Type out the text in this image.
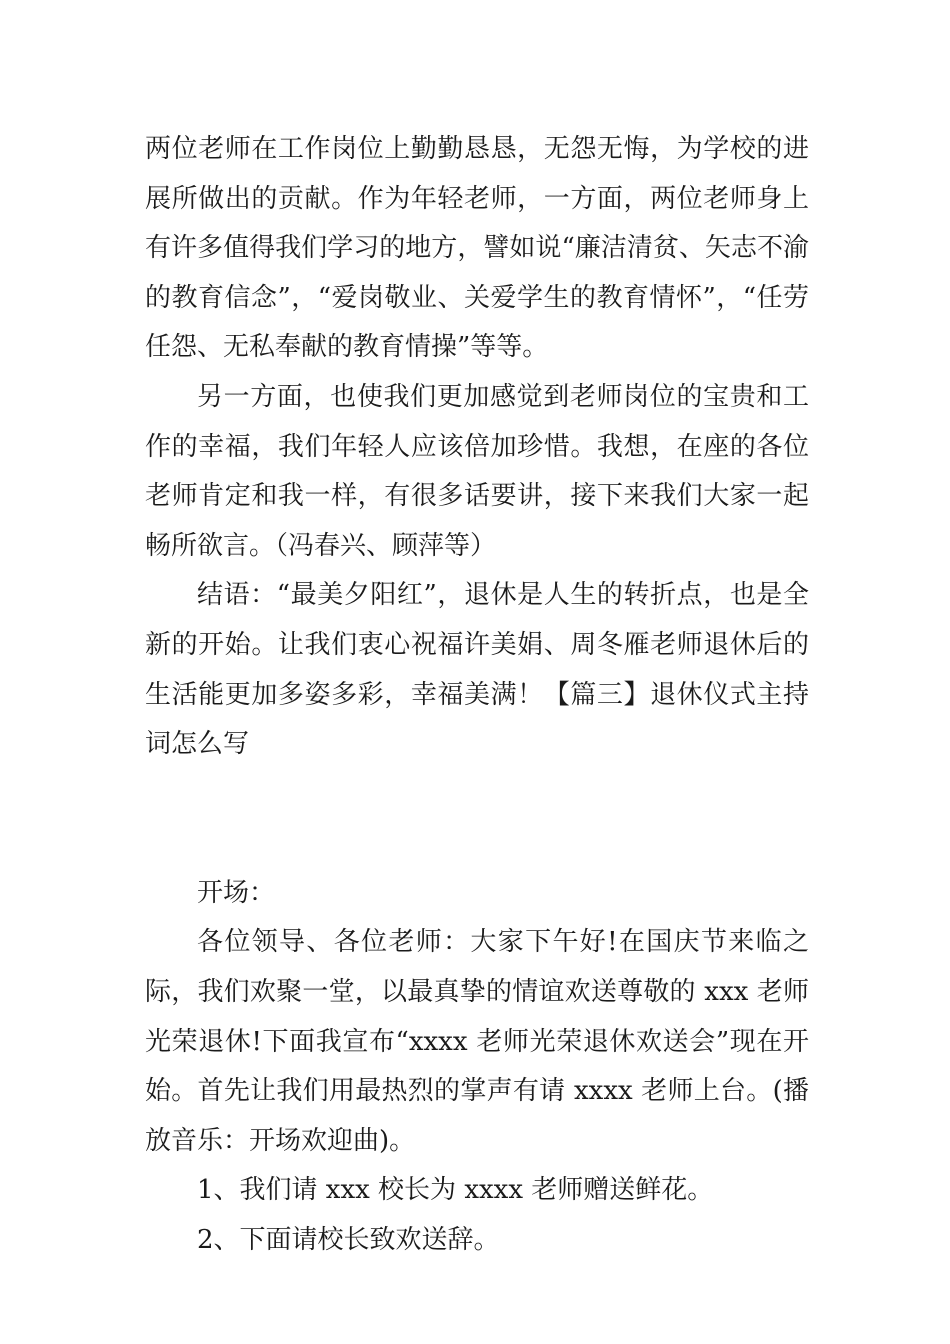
两位老师在工作岗位上勤勤恳恳，无怨无悔，为学校的进展所做出的贡献。作为年轻老师，一方面，两位老师身上有许多值得我们学习的地方，譬如说“廉洁清贫、矢志不渝的教育信念”，“爱岗敬业、关爱学生的教育情怀”，“任劳任怨、无私奉献的教育情操”等等。

另一方面，也使我们更加感觉到老师岗位的宝贵和工作的幸福，我们年轻人应该倍加珍惜。我想，在座的各位老师肯定和我一样，有很多话要讲，接下来我们大家一起畅所欲言。（冯春兴、顾萍等）

结语：“最美夕阳红”，退休是人生的转折点，也是全新的开始。让我们衷心祝福许美娟、周冬雁老师退休后的生活能更加多姿多彩，幸福美满！【篇三】退休仪式主持词怎么写

开场：

各位领导、各位老师：大家下午好!在国庆节来临之际，我们欢聚一堂，以最真挚的情谊欢送尊敬的 xxx 老师光荣退休!下面我宣布“xxxx 老师光荣退休欢送会”现在开始。首先让我们用最热烈的掌声有请 xxxx 老师上台。(播放音乐：开场欢迎曲)。

1、我们请 xxx 校长为 xxxx 老师赠送鲜花。

2、下面请校长致欢送辞。
